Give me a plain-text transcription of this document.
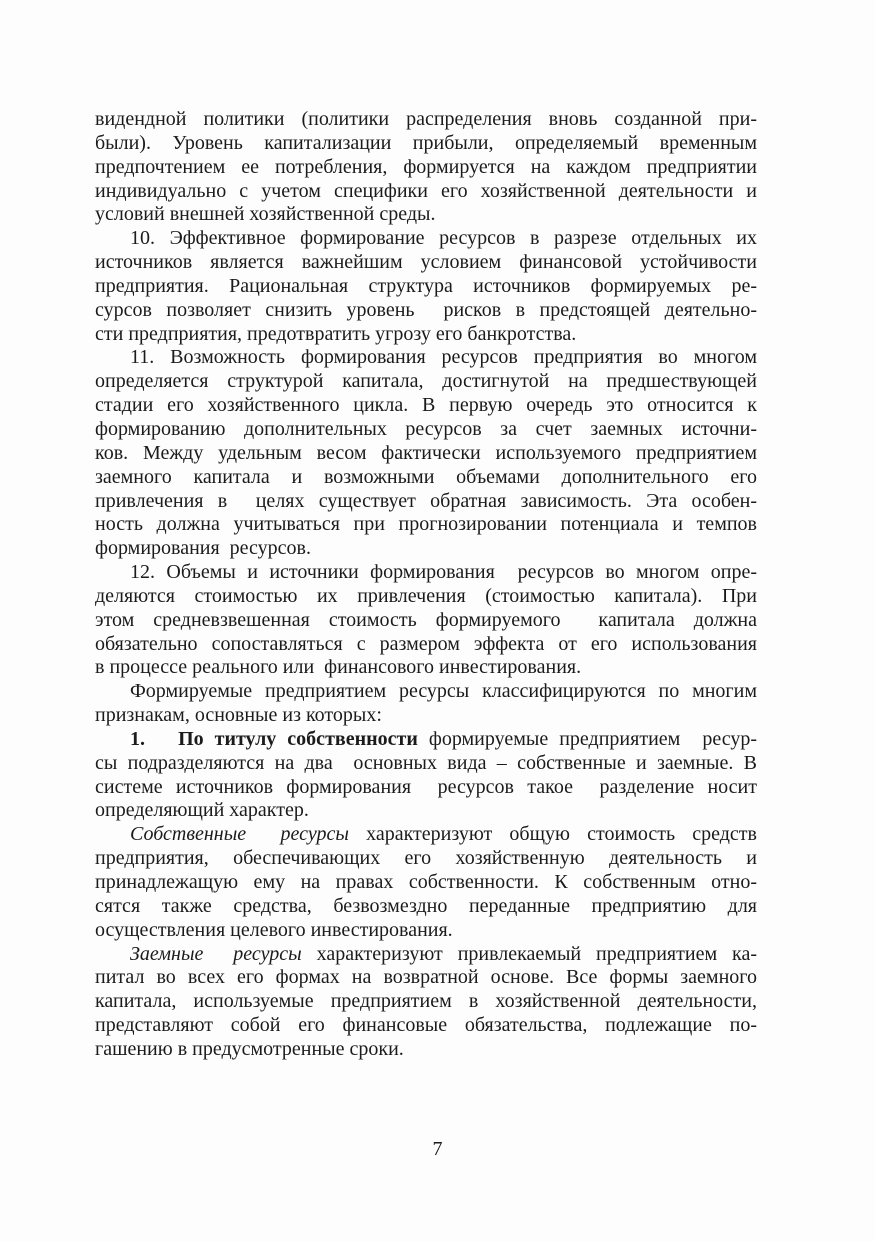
видендной политики (политики распределения вновь созданной при-
были). Уровень капитализации прибыли, определяемый временным
предпочтением ее потребления, формируется на каждом предприятии
индивидуально с учетом специфики его хозяйственной деятельности и
условий внешней хозяйственной среды.
10. Эффективное формирование ресурсов в разрезе отдельных их
источников является важнейшим условием финансовой устойчивости
предприятия. Рациональная структура источников формируемых ре-
сурсов позволяет снизить уровень  рисков в предстоящей деятельно-
сти предприятия, предотвратить угрозу его банкротства.
11. Возможность формирования ресурсов предприятия во многом
определяется структурой капитала, достигнутой на предшествующей
стадии его хозяйственного цикла. В первую очередь это относится к
формированию дополнительных ресурсов за счет заемных источни-
ков. Между удельным весом фактически используемого предприятием
заемного капитала и возможными объемами дополнительного его
привлечения в  целях существует обратная зависимость. Эта особен-
ность должна учитываться при прогнозировании потенциала и темпов
формирования  ресурсов.
12. Объемы и источники формирования  ресурсов во многом опре-
деляются стоимостью их привлечения (стоимостью капитала). При
этом средневзвешенная стоимость формируемого  капитала должна
обязательно сопоставляться с размером эффекта от его использования
в процессе реального или  финансового инвестирования.
Формируемые предприятием ресурсы классифицируются по многим
признакам, основные из которых:
1.   По титулу собственности формируемые предприятием  ресур-
сы подразделяются на два  основных вида – собственные и заемные. В
системе источников формирования  ресурсов такое  разделение носит
определяющий характер.
Собственные  ресурсы характеризуют общую стоимость средств
предприятия, обеспечивающих его хозяйственную деятельность и
принадлежащую ему на правах собственности. К собственным отно-
сятся также средства, безвозмездно переданные предприятию для
осуществления целевого инвестирования.
Заемные  ресурсы характеризуют привлекаемый предприятием ка-
питал во всех его формах на возвратной основе. Все формы заемного
капитала, используемые предприятием в хозяйственной деятельности,
представляют собой его финансовые обязательства, подлежащие по-
гашению в предусмотренные сроки.
7
